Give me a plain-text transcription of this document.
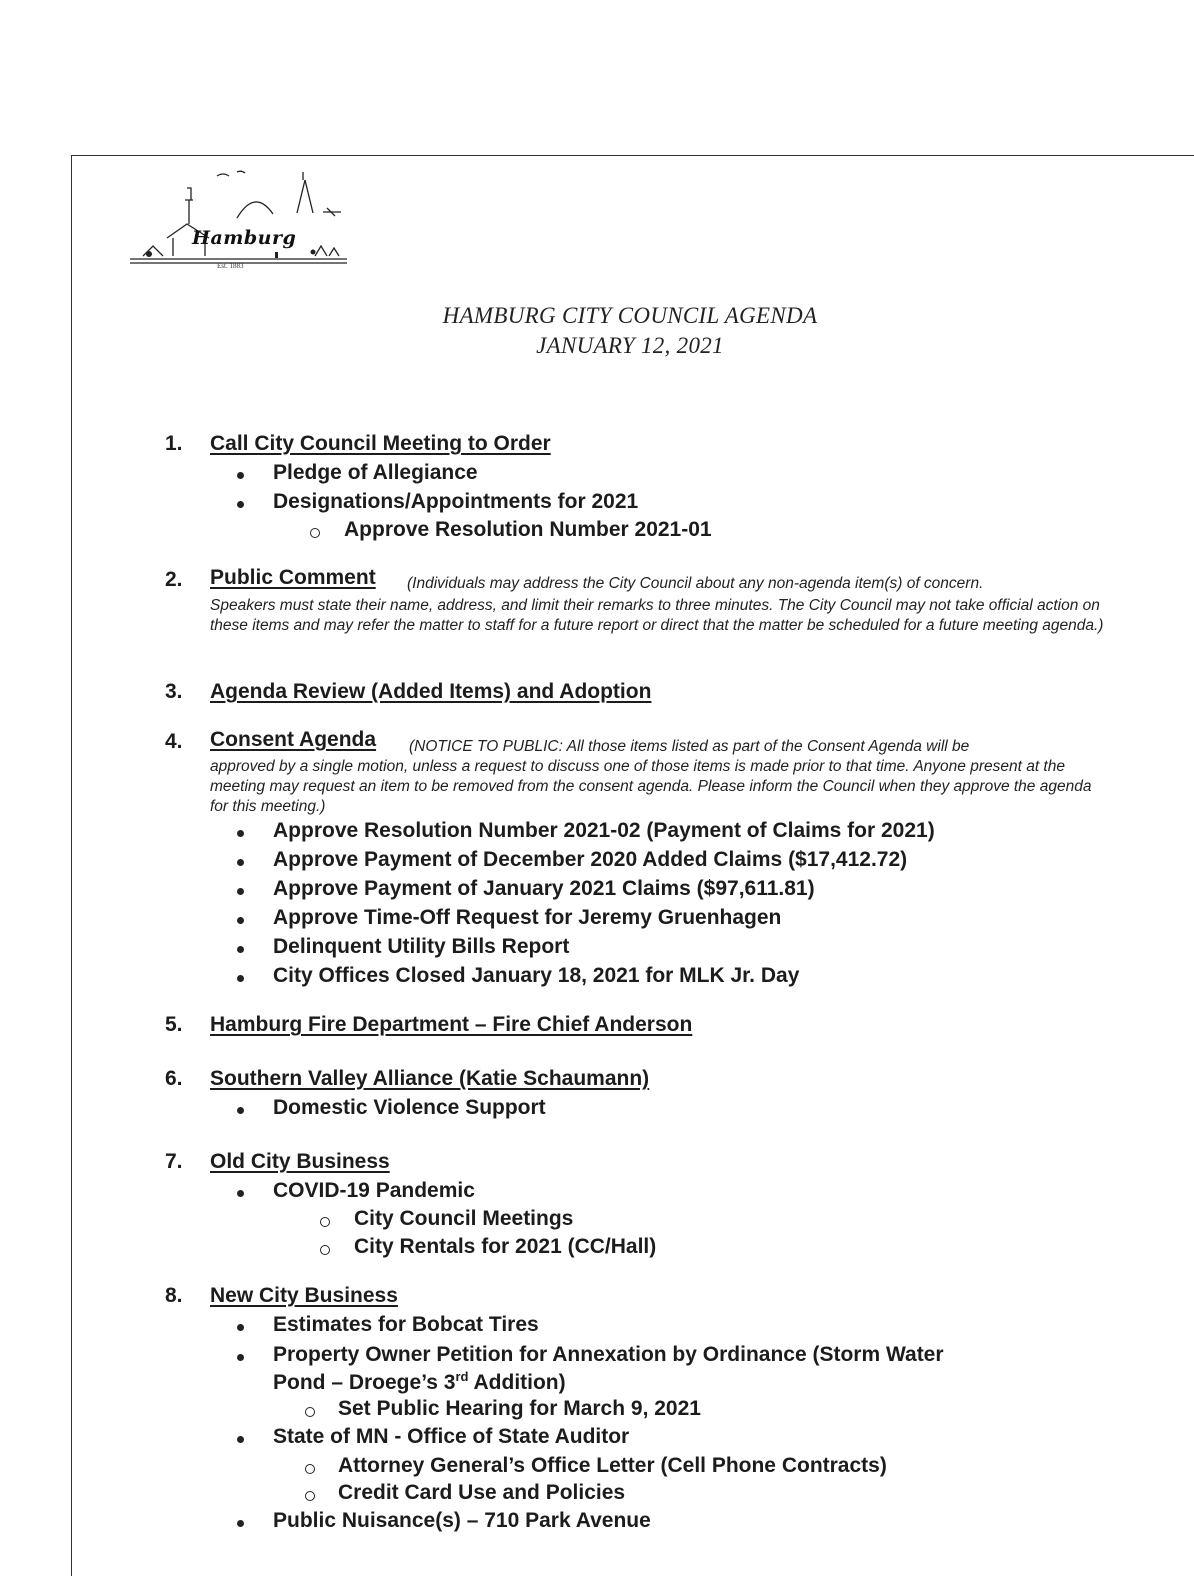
Hamburg
Est. 1883
HAMBURG CITY COUNCIL AGENDA
JANUARY 12, 2021
1. Call City Council Meeting to Order
Pledge of Allegiance
Designations/Appointments for 2021
Approve Resolution Number 2021-01
2. Public Comment (Individuals may address the City Council about any non-agenda item(s) of concern.
Speakers must state their name, address, and limit their remarks to three minutes. The City Council may not take official action on these items and may refer the matter to staff for a future report or direct that the matter be scheduled for a future meeting agenda.)
3. Agenda Review (Added Items) and Adoption
4. Consent Agenda (NOTICE TO PUBLIC: All those items listed as part of the Consent Agenda will be
approved by a single motion, unless a request to discuss one of those items is made prior to that time. Anyone present at the meeting may request an item to be removed from the consent agenda. Please inform the Council when they approve the agenda for this meeting.)
Approve Resolution Number 2021-02 (Payment of Claims for 2021)
Approve Payment of December 2020 Added Claims ($17,412.72)
Approve Payment of January 2021 Claims ($97,611.81)
Approve Time-Off Request for Jeremy Gruenhagen
Delinquent Utility Bills Report
City Offices Closed January 18, 2021 for MLK Jr. Day
5. Hamburg Fire Department – Fire Chief Anderson
6. Southern Valley Alliance (Katie Schaumann)
Domestic Violence Support
7. Old City Business
COVID-19 Pandemic
City Council Meetings
City Rentals for 2021 (CC/Hall)
8. New City Business
Estimates for Bobcat Tires
Property Owner Petition for Annexation by Ordinance (Storm Water
Pond – Droege’s 3rd Addition)
Set Public Hearing for March 9, 2021
State of MN - Office of State Auditor
Attorney General’s Office Letter (Cell Phone Contracts)
Credit Card Use and Policies
Public Nuisance(s) – 710 Park Avenue
